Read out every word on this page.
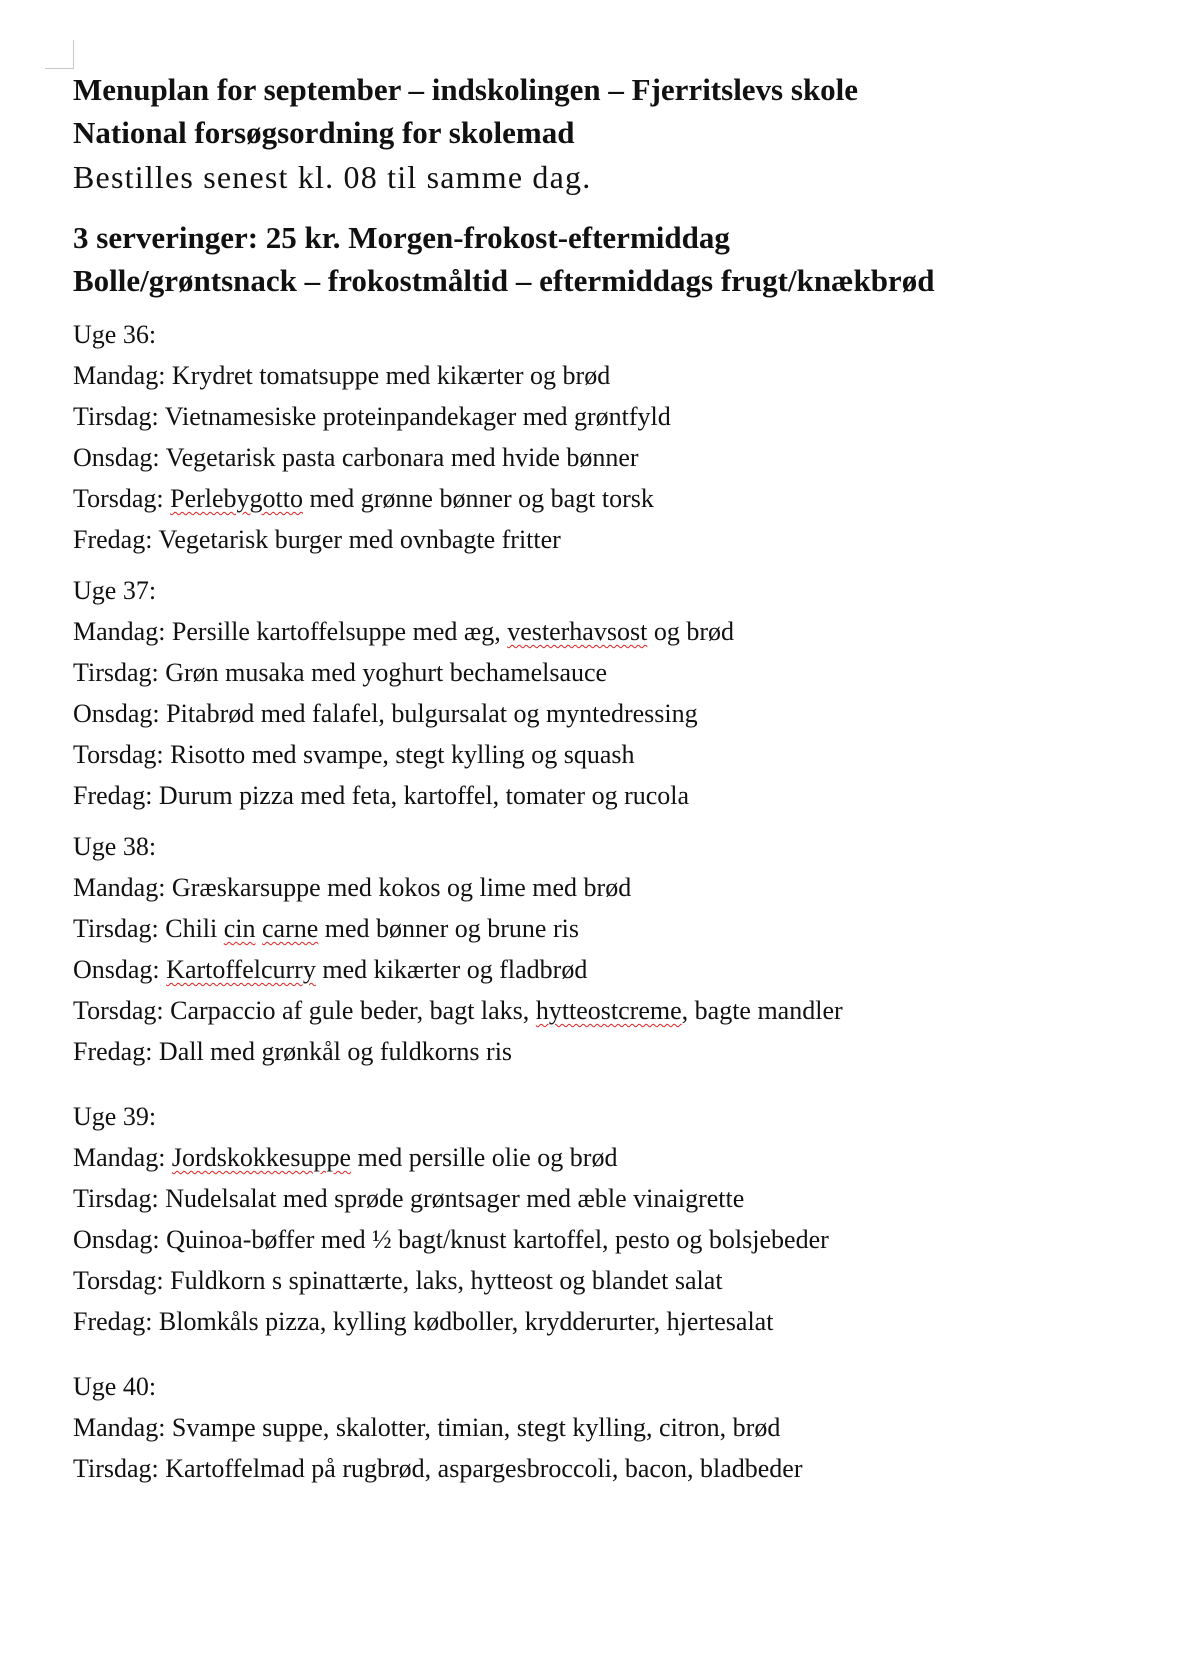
Menuplan for september – indskolingen – Fjerritslevs skole
National forsøgsordning for skolemad
Bestilles senest kl. 08 til samme dag.
3 serveringer: 25 kr. Morgen-frokost-eftermiddag
Bolle/grøntsnack – frokostmåltid – eftermiddags frugt/knækbrød
Uge 36:
Mandag: Krydret tomatsuppe med kikærter og brød
Tirsdag: Vietnamesiske proteinpandekager med grøntfyld
Onsdag: Vegetarisk pasta carbonara med hvide bønner
Torsdag: Perlebygotto med grønne bønner og bagt torsk
Fredag: Vegetarisk burger med ovnbagte fritter
Uge 37:
Mandag: Persille kartoffelsuppe med æg, vesterhavsost og brød
Tirsdag: Grøn musaka med yoghurt bechamelsauce
Onsdag: Pitabrød med falafel, bulgursalat og myntedressing
Torsdag: Risotto med svampe, stegt kylling og squash
Fredag: Durum pizza med feta, kartoffel, tomater og rucola
Uge 38:
Mandag: Græskarsuppe med kokos og lime med brød
Tirsdag: Chili cin carne med bønner og brune ris
Onsdag: Kartoffelcurry med kikærter og fladbrød
Torsdag: Carpaccio af gule beder, bagt laks, hytteostcreme, bagte mandler
Fredag: Dall med grønkål og fuldkorns ris
Uge 39:
Mandag: Jordskokkesuppe med persille olie og brød
Tirsdag: Nudelsalat med sprøde grøntsager med æble vinaigrette
Onsdag: Quinoa-bøffer med ½ bagt/knust kartoffel, pesto og bolsjebeder
Torsdag: Fuldkorn s spinattærte, laks, hytteost og blandet salat
Fredag: Blomkåls pizza, kylling kødboller, krydderurter, hjertesalat
Uge 40:
Mandag: Svampe suppe, skalotter, timian, stegt kylling, citron, brød
Tirsdag: Kartoffelmad på rugbrød, aspargesbroccoli, bacon, bladbeder
